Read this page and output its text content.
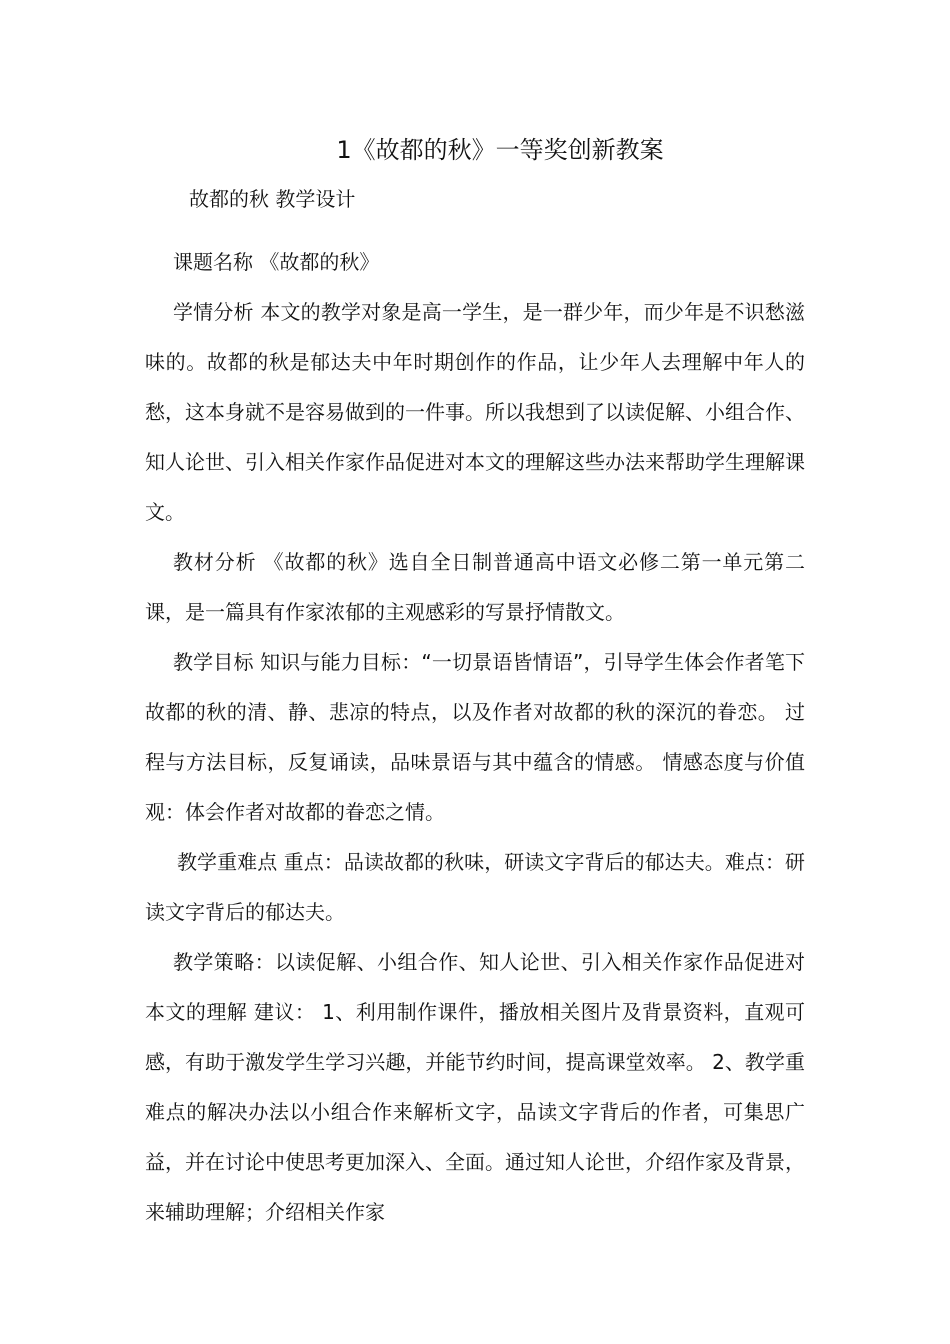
1《故都的秋》一等奖创新教案
故都的秋 教学设计

课题名称 《故都的秋》

学情分析 本文的教学对象是高一学生，是一群少年，而少年是不识愁滋味的。故都的秋是郁达夫中年时期创作的作品，让少年人去理解中年人的愁，这本身就不是容易做到的一件事。所以我想到了以读促解、小组合作、知人论世、引入相关作家作品促进对本文的理解这些办法来帮助学生理解课文。

教材分析 《故都的秋》选自全日制普通高中语文必修二第一单元第二课，是一篇具有作家浓郁的主观感彩的写景抒情散文。

教学目标 知识与能力目标：“一切景语皆情语”，引导学生体会作者笔下故都的秋的清、静、悲凉的特点，以及作者对故都的秋的深沉的眷恋。 过程与方法目标，反复诵读，品味景语与其中蕴含的情感。 情感态度与价值观：体会作者对故都的眷恋之情。

教学重难点 重点：品读故都的秋味，研读文字背后的郁达夫。难点：研读文字背后的郁达夫。

教学策略：以读促解、小组合作、知人论世、引入相关作家作品促进对本文的理解 建议： 1、利用制作课件，播放相关图片及背景资料，直观可感，有助于激发学生学习兴趣，并能节约时间，提高课堂效率。 2、教学重难点的解决办法以小组合作来解析文字，品读文字背后的作者，可集思广益，并在讨论中使思考更加深入、全面。通过知人论世，介绍作家及背景，来辅助理解；介绍相关作家
